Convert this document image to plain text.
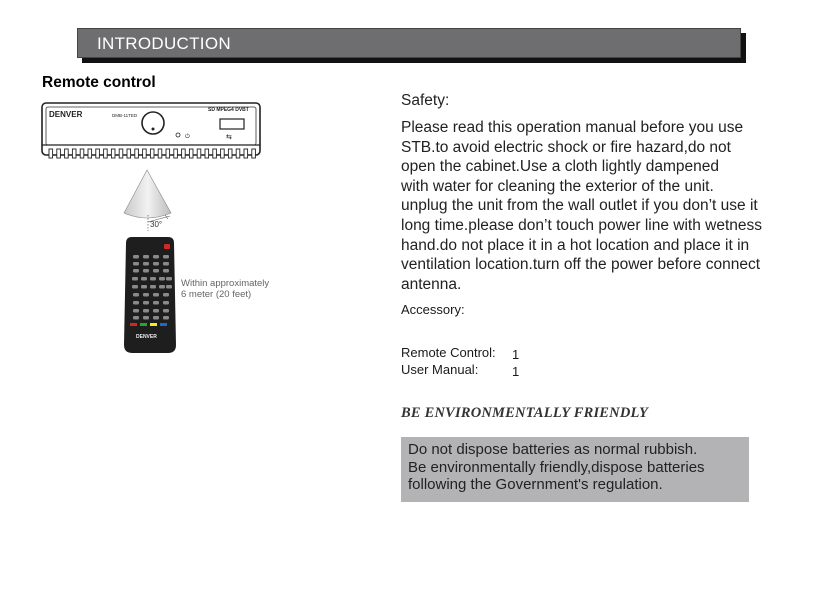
INTRODUCTION
Remote control
⏻	⇆
DENVER	DMB-11TED
SD MPEG4 DVBT
30°
DENVER
Within approximately
6 meter (20 feet)
Safety:
Please read this operation manual before you use
STB.to avoid electric shock or fire hazard,do not
open the cabinet.Use a cloth lightly dampened
with water for cleaning the exterior of the unit.
unplug the unit from the wall outlet if you don’t use it
long time.please don’t touch power line with wetness
hand.do not place it in a hot location and place it in
ventilation location.turn off the power before connect
antenna.
Accessory:
Remote Control: 1
User Manual:	1
BE ENVIRONMENTALLY FRIENDLY
Do not dispose batteries as normal rubbish.
Be environmentally friendly,dispose batteries
following the Government's regulation.
